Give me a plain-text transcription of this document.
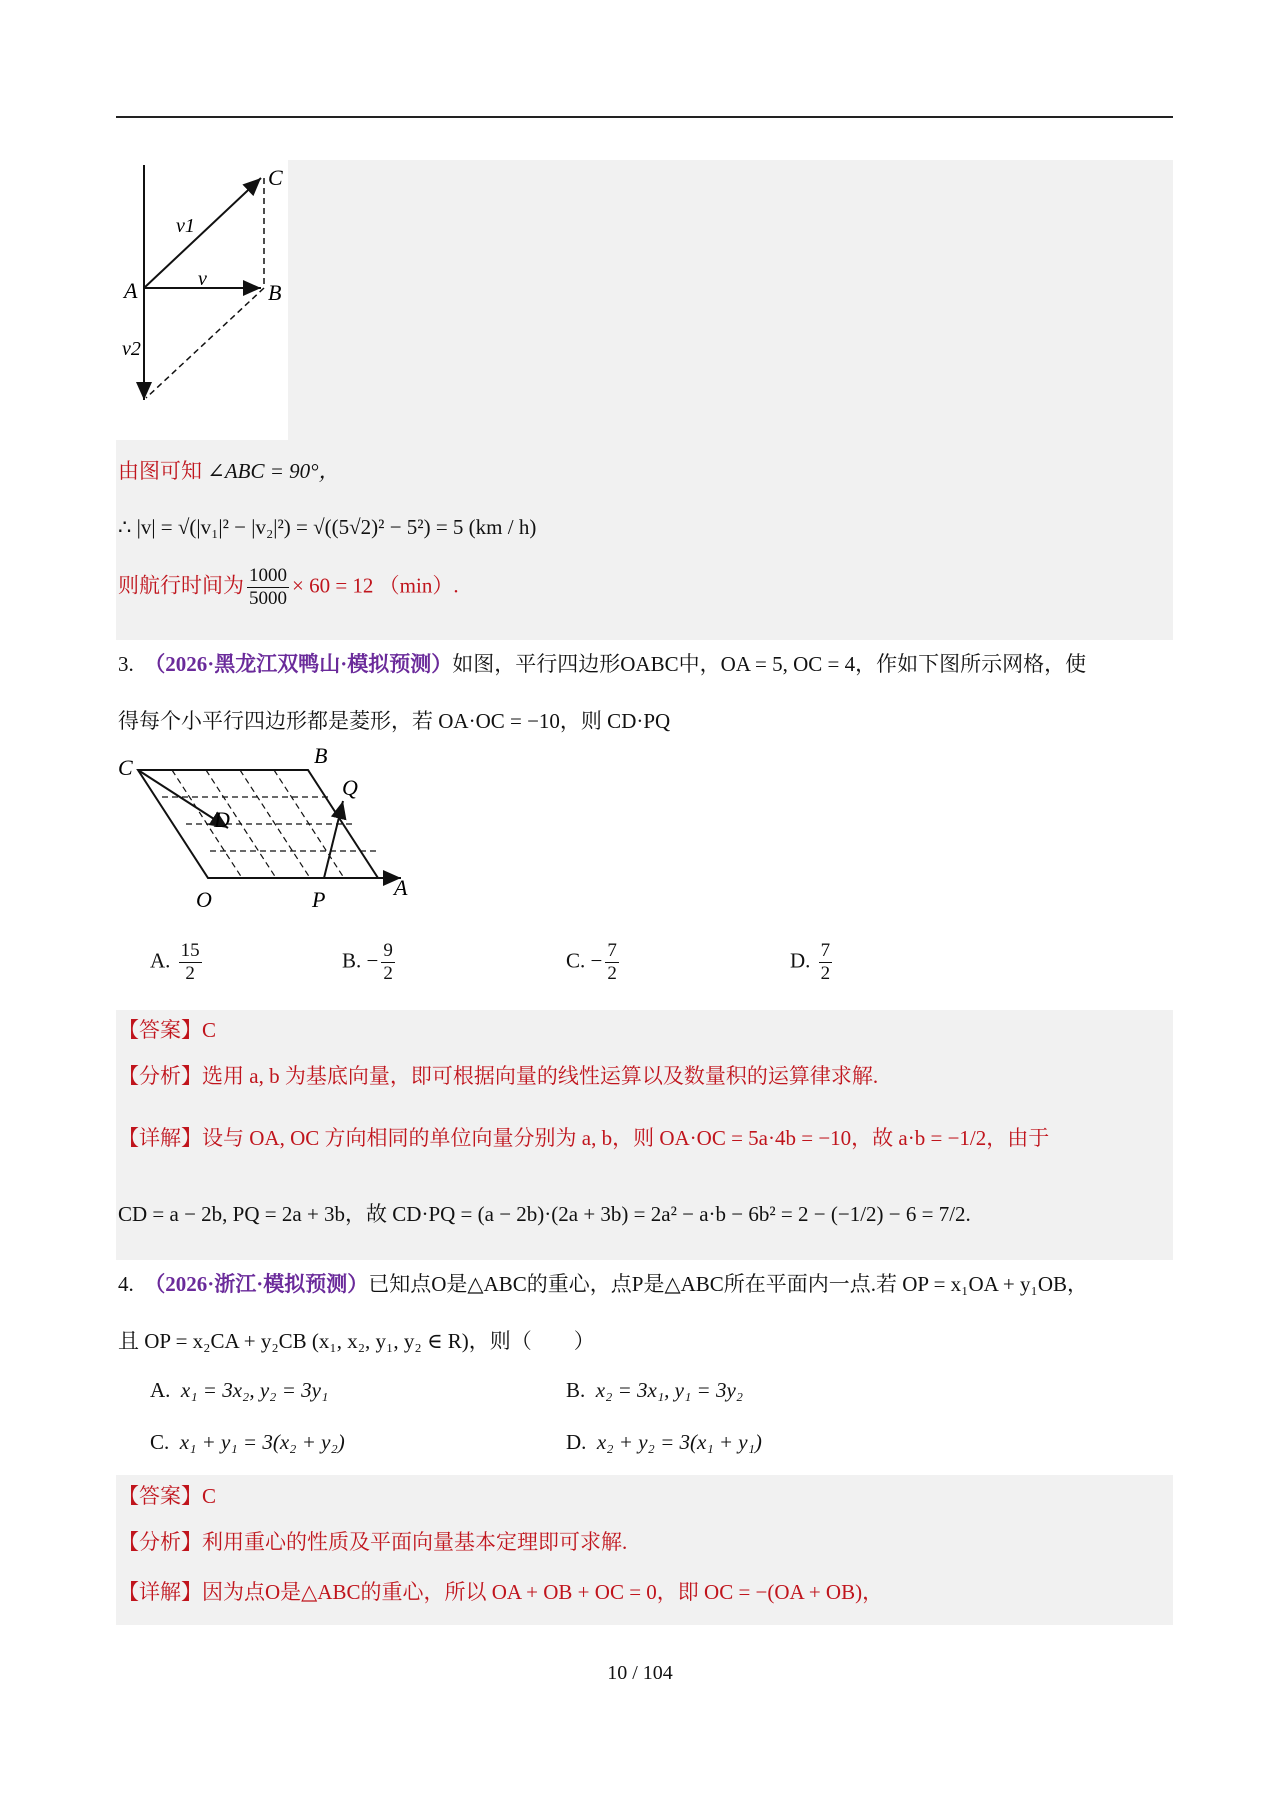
C
A	B
v
v1
v2
由图可知 ∠ABC = 90°，
∴ |v| = √(|v₁|² − |v₂|²) = √((5√2)² − 5²) = 5 (km / h)
则航行时间为 $\frac{1000}{5000} \times 60 = 12$ （min）.
3. （2026·黑龙江双鸭山·模拟预测）如图，平行四边形OABC中，OA = 5, OC = 4，作如下图所示网格，使
得每个小平行四边形都是菱形，若 OA·OC = −10，则 CD·PQ
C	B
Q
D
O	P	A
A. $\frac{15}{2}$	B. − $\frac{9}{2}$	C. − $\frac{7}{2}$	D. $\frac{7}{2}$
【答案】C
【分析】选用 a, b 为基底向量，即可根据向量的线性运算以及数量积的运算律求解.
【详解】设与 OA, OC 方向相同的单位向量分别为 a, b，则 OA·OC = 5a·4b = −10，故 a·b = −1/2，由于
CD = a − 2b, PQ = 2a + 3b，故 CD·PQ = (a − 2b)·(2a + 3b) = 2a² − a·b − 6b² = 2 − (−1/2) − 6 = 7/2.
4. （2026·浙江·模拟预测）已知点O是△ABC的重心，点P是△ABC所在平面内一点.若 OP = x₁OA + y₁OB，
且 OP = x₂CA + y₂CB (x₁, x₂, y₁, y₂ ∈ R)，则（　　）
A. x₁ = 3x₂, y₂ = 3y₁	B. x₂ = 3x₁, y₁ = 3y₂
C. x₁ + y₁ = 3(x₂ + y₂)	D. x₂ + y₂ = 3(x₁ + y₁)
【答案】C
【分析】利用重心的性质及平面向量基本定理即可求解.
【详解】因为点O是△ABC的重心，所以 OA + OB + OC = 0，即 OC = −(OA + OB)，
10 / 104
